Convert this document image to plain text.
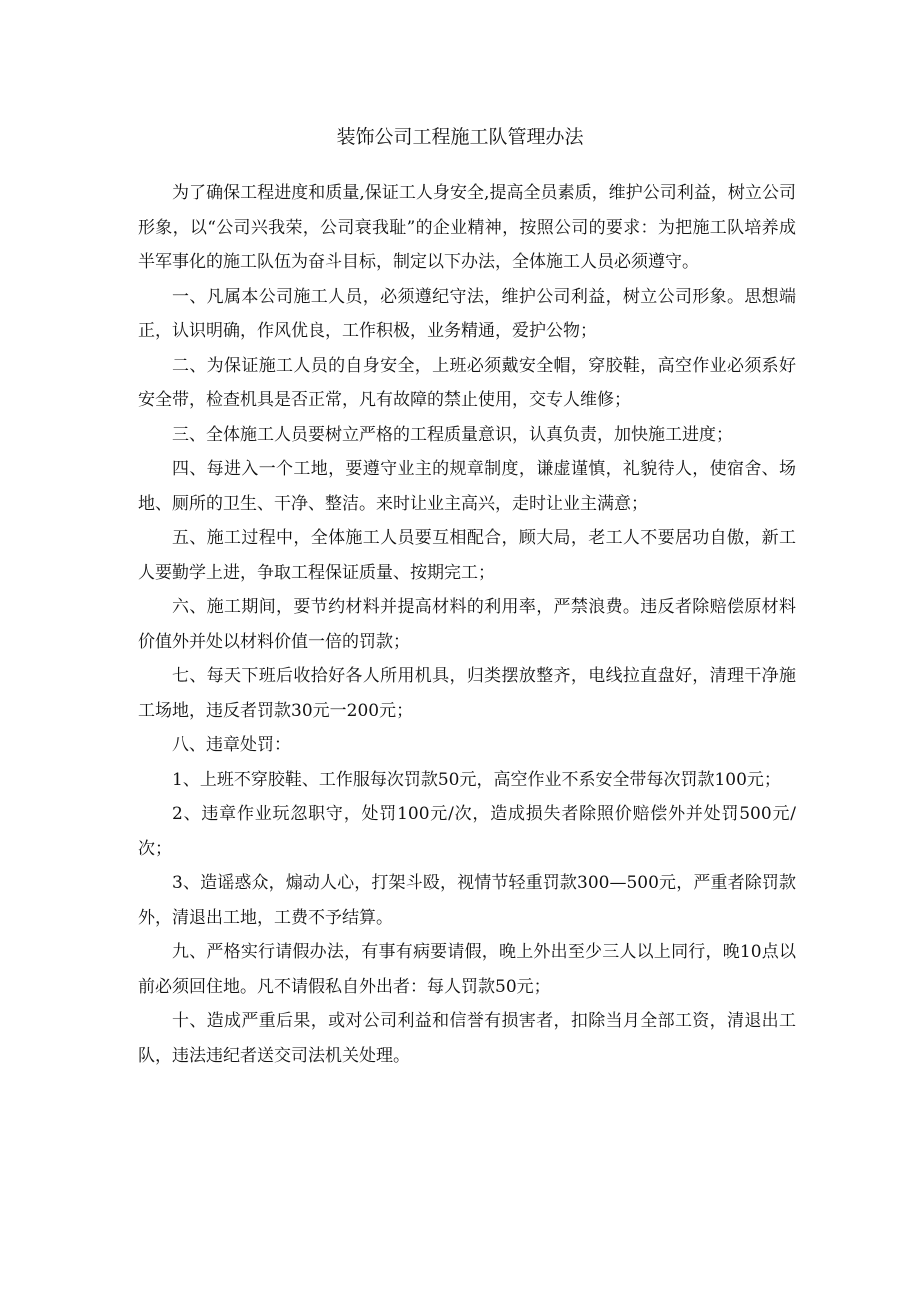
装饰公司工程施工队管理办法

为了确保工程进度和质量,保证工人身安全,提高全员素质，维护公司利益，树立公司形象，以“公司兴我荣，公司衰我耻”的企业精神，按照公司的要求：为把施工队培养成半军事化的施工队伍为奋斗目标，制定以下办法，全体施工人员必须遵守。

一、凡属本公司施工人员，必须遵纪守法，维护公司利益，树立公司形象。思想端正，认识明确，作风优良，工作积极，业务精通，爱护公物；

二、为保证施工人员的自身安全，上班必须戴安全帽，穿胶鞋，高空作业必须系好安全带，检查机具是否正常，凡有故障的禁止使用，交专人维修；

三、全体施工人员要树立严格的工程质量意识，认真负责，加快施工进度；

四、每进入一个工地，要遵守业主的规章制度，谦虚谨慎，礼貌待人，使宿舍、场地、厕所的卫生、干净、整洁。来时让业主高兴，走时让业主满意；

五、施工过程中，全体施工人员要互相配合，顾大局，老工人不要居功自傲，新工人要勤学上进，争取工程保证质量、按期完工；

六、施工期间，要节约材料并提高材料的利用率，严禁浪费。违反者除赔偿原材料价值外并处以材料价值一倍的罚款；

七、每天下班后收拾好各人所用机具，归类摆放整齐，电线拉直盘好，清理干净施工场地，违反者罚款30元一200元；

八、违章处罚：

1、上班不穿胶鞋、工作服每次罚款50元，高空作业不系安全带每次罚款100元；

2、违章作业玩忽职守，处罚100元/次，造成损失者除照价赔偿外并处罚500元/次；

3、造谣惑众，煽动人心，打架斗殴，视情节轻重罚款300—500元，严重者除罚款外，清退出工地，工费不予结算。

九、严格实行请假办法，有事有病要请假，晚上外出至少三人以上同行，晚10点以前必须回住地。凡不请假私自外出者：每人罚款50元；

十、造成严重后果，或对公司利益和信誉有损害者，扣除当月全部工资，清退出工队，违法违纪者送交司法机关处理。
